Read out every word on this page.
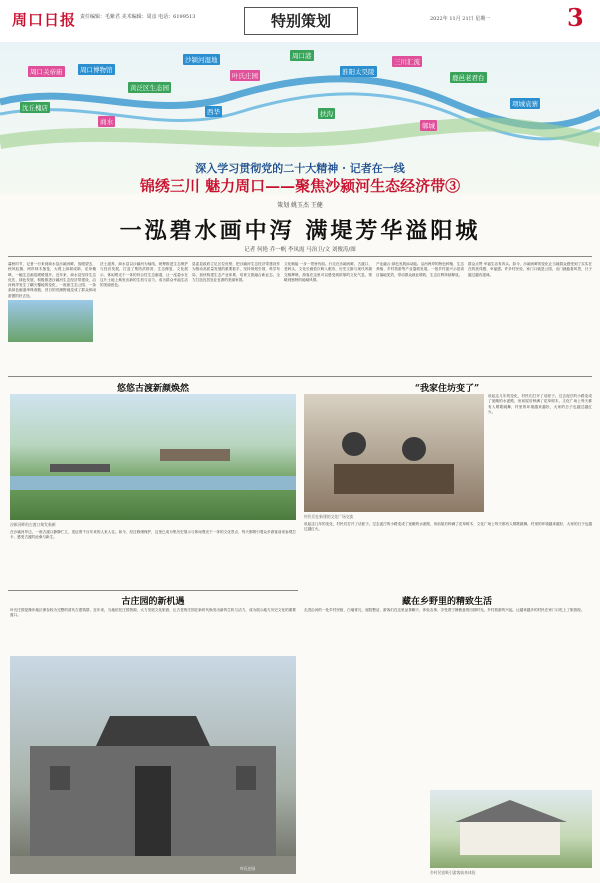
周口日报 责任编辑：毛紫君 美术编辑：周彦 电话：6199513	特别策划	2022年 11月 21日 星期一	3
周口关帝庙	周口博物馆
黄泛区生态园
沙颍河湿地
叶氏庄园
周口港
淮阳太昊陵
三川汇流
鹿邑老君台
项城袁寨
沈丘槐店
商水
西华	扶沟
郸城
深入学习贯彻党的二十大精神 · 记者在一线
锦绣三川 魅力周口——聚焦沙颍河生态经济带③
策划 姚玉杰 王健
一泓碧水画中泻 满堤芳华溢阳城
记者 何艳 乔一帆 李凤霞 马治卫/文 刘俊涛/图
暮秋时节，记者一行来到商水县沙颍河畔，放眼望去，秋风轻拂，两岸林木葱茏，大堤上绿树成荫，花草掩映，一幅生态画卷缓缓展开。近年来，商水县坚持生态优先、绿色发展，积极推进沙颍河生态经济带建设，沿河两岸发生了翻天覆地的变化，一座座生态公园、一条条绿色廊道串珠成链，昔日的荒滩野地变成了群众休闲游憩的好去处。
沃土滋养，商水县以沙颍河为轴线，统筹推进生态保护与经济发展，打造了集防洪排涝、生态修复、文化展示、休闲观光于一体的综合性生态廊道，让一泓碧水在这片土地上焕发出新的生机与活力，成为群众幸福生活的美丽底色。
县委县政府立足区位优势，把沙颍河生态经济带建设作为推动高质量发展的重要抓手，坚持规划引领，科学布局，加快构建生态产业体系，培育文旅融合新业态，全力打造宜居宜业宜游的美丽家园。
文化赋能 一步一景皆有韵。行走在沙颍河畔，古渡口、老码头、文化长廊依次映入眼帘，历史文脉与现代风貌交相辉映，游客在这里可以感受到浓厚的文化气息，领略到独特的地域风情。
产业融合 绿色发展添动能。沿河两岸的特色种植、生态养殖、乡村旅游等产业蓬勃发展，一批乡村振兴示范项目落地见效，带动群众就业增收，生态红利持续释放。
群众点赞 幸福生活有奔头。如今，沙颍河畔的变化让当地群众感受到了实实在在的获得感、幸福感。许多村民说，家门口就是公园，出门就能看风景，日子越过越有滋味。
悠悠古渡新颜焕然
沙颍河畔的古渡口焕发新颜
在沙颍河岸边，一座古渡口静静伫立，见证着千百年来的人来人往。如今，经过修缮保护，这里已成为集历史展示与休闲观光于一体的文化景点，每天都吸引着众多游客前来参观打卡，感受古渡的沧桑与新生。
“我家住坊变了”
村民们在新建的文化广场交流
说起这几年的变化，村民们打开了话匣子。过去泥泞的小路变成了宽敞的水泥路，房前屋后种满了花草树木，文化广场上每天都有人唱歌跳舞，村里的环境越来越好，大家的日子也越过越红火。
说起这几年的变化，村民们打开了话匣子。过去泥泞的小路变成了宽敞的水泥路，房前屋后种满了花草树木，文化广场上每天都有人唱歌跳舞，村里的环境越来越好，大家的日子也越过越红火。
古庄园的新机遇
叶氏庄园是豫东地区保存较为完整的清代古建筑群，近年来，当地依托庄园资源，大力发展文化旅游，让古老的庄园在新时代焕发出新的生机与活力，成为展示地方历史文化的重要窗口。
叶氏庄园
藏在乡野里的精致生活
走进沿河的一处乡村民宿，白墙青瓦，庭院整洁，游客们在这里品茶聊天、体验农事，享受着宁静惬意的田园时光。乡村旅游的兴起，让越来越多的村民在家门口吃上了旅游饭。
乡村民宿吸引游客前来体验
